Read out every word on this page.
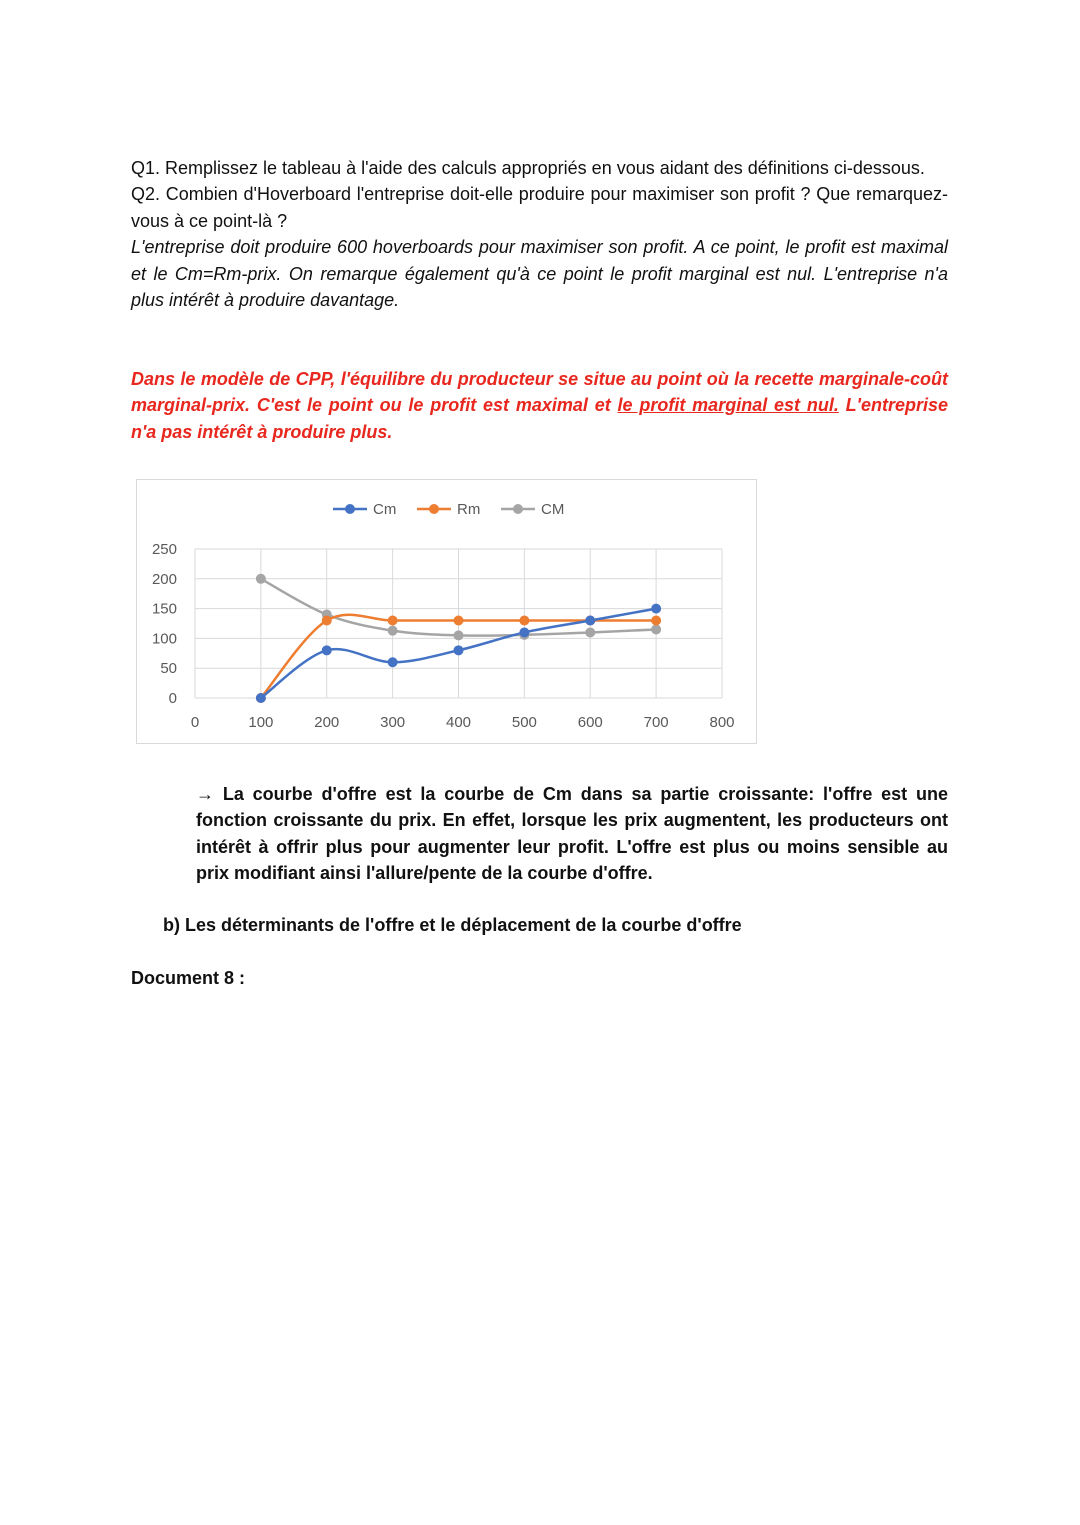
Q1. Remplissez le tableau à l'aide des calculs appropriés en vous aidant des définitions ci-dessous.

Q2. Combien d'Hoverboard l'entreprise doit-elle produire pour maximiser son profit ? Que remarquez-vous à ce point-là ?

L'entreprise doit produire 600 hoverboards pour maximiser son profit. A ce point, le profit est maximal et le Cm=Rm-prix. On remarque également qu'à ce point le profit marginal est nul. L'entreprise n'a plus intérêt à produire davantage.

Dans le modèle de CPP, l'équilibre du producteur se situe au point où la recette marginale-coût marginal-prix. C'est le point ou le profit est maximal et le profit marginal est nul. L'entreprise n'a pas intérêt à produire plus.
0
50
100
150
200
250
0	100	200	300	400	500	600	700	800
Cm	Rm	CM
→ La courbe d'offre est la courbe de Cm dans sa partie croissante: l'offre est une fonction croissante du prix. En effet, lorsque les prix augmentent, les producteurs ont intérêt à offrir plus pour augmenter leur profit. L'offre est plus ou moins sensible au prix modifiant ainsi l'allure/pente de la courbe d'offre.
b) Les déterminants de l'offre et le déplacement de la courbe d'offre
Document 8 :
